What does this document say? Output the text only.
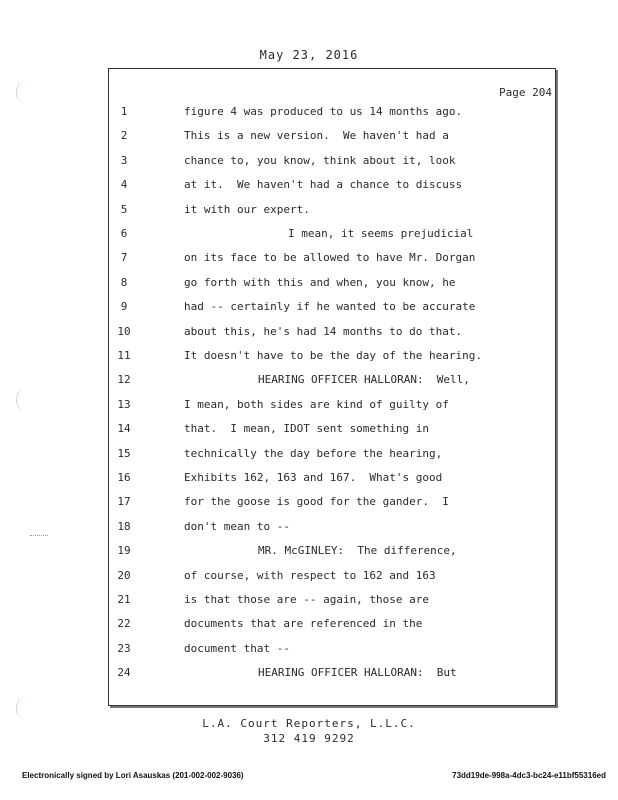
May 23, 2016
Page 204
1	figure 4 was produced to us 14 months ago.
2	This is a new version.  We haven't had a
3	chance to, you know, think about it, look
4	at it.  We haven't had a chance to discuss
5	it with our expert.
6	I mean, it seems prejudicial
7	on its face to be allowed to have Mr. Dorgan
8	go forth with this and when, you know, he
9	had -- certainly if he wanted to be accurate
10	about this, he's had 14 months to do that.
11	It doesn't have to be the day of the hearing.
12	HEARING OFFICER HALLORAN:  Well,
13	I mean, both sides are kind of guilty of
14	that.  I mean, IDOT sent something in
15	technically the day before the hearing,
16	Exhibits 162, 163 and 167.  What's good
17	for the goose is good for the gander.  I
18	don't mean to --
19	MR. McGINLEY:  The difference,
20	of course, with respect to 162 and 163
21	is that those are -- again, those are
22	documents that are referenced in the
23	document that --
24	HEARING OFFICER HALLORAN:  But
L.A. Court Reporters, L.L.C.
312 419 9292
Electronically signed by Lori Asauskas (201-002-002-9036)	73dd19de-998a-4dc3-bc24-e11bf55316ed
